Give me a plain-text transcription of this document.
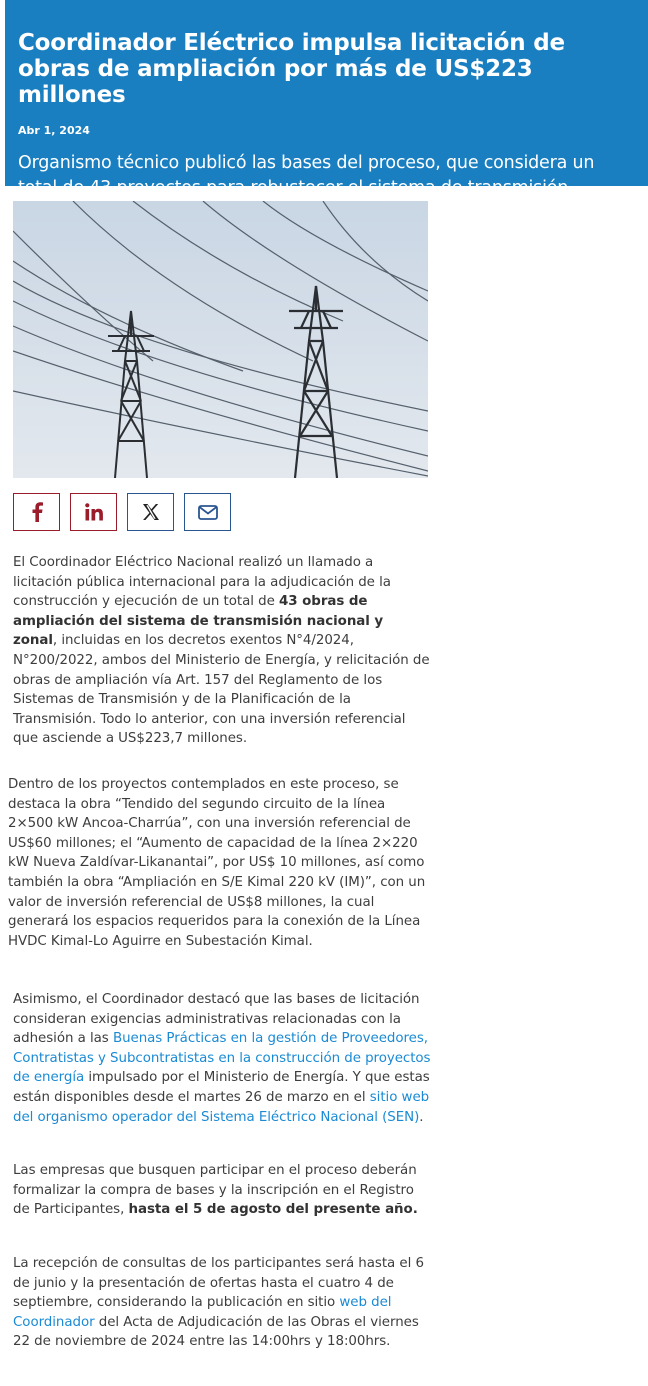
Coordinador Eléctrico impulsa licitación de obras de ampliación por más de US$223 millones
Abr 1, 2024
Organismo técnico publicó las bases del proceso, que considera un total de 43 proyectos para robustecer el sistema de transmisión.
El Coordinador Eléctrico Nacional realizó un llamado a licitación pública internacional para la adjudicación de la construcción y ejecución de un total de 43 obras de ampliación del sistema de transmisión nacional y zonal, incluidas en los decretos exentos N°4/2024, N°200/2022, ambos del Ministerio de Energía, y relicitación de obras de ampliación vía Art. 157 del Reglamento de los Sistemas de Transmisión y de la Planificación de la Transmisión. Todo lo anterior, con una inversión referencial que asciende a US$223,7 millones.
Dentro de los proyectos contemplados en este proceso, se destaca la obra “Tendido del segundo circuito de la línea 2×500 kW Ancoa-Charrúa”, con una inversión referencial de US$60 millones; el “Aumento de capacidad de la línea 2×220 kW Nueva Zaldívar-Likanantai”, por US$ 10 millones, así como también la obra “Ampliación en S/E Kimal 220 kV (IM)”, con un valor de inversión referencial de US$8 millones, la cual generará los espacios requeridos para la conexión de la Línea HVDC Kimal-Lo Aguirre en Subestación Kimal.
Asimismo, el Coordinador destacó que las bases de licitación consideran exigencias administrativas relacionadas con la adhesión a las Buenas Prácticas en la gestión de Proveedores, Contratistas y Subcontratistas en la construcción de proyectos de energía impulsado por el Ministerio de Energía. Y que estas están disponibles desde el martes 26 de marzo en el sitio web del organismo operador del Sistema Eléctrico Nacional (SEN).
Las empresas que busquen participar en el proceso deberán formalizar la compra de bases y la inscripción en el Registro de Participantes, hasta el 5 de agosto del presente año.
La recepción de consultas de los participantes será hasta el 6 de junio y la presentación de ofertas hasta el cuatro 4 de septiembre, considerando la publicación en sitio web del Coordinador del Acta de Adjudicación de las Obras el viernes 22 de noviembre de 2024 entre las 14:00hrs y 18:00hrs.
